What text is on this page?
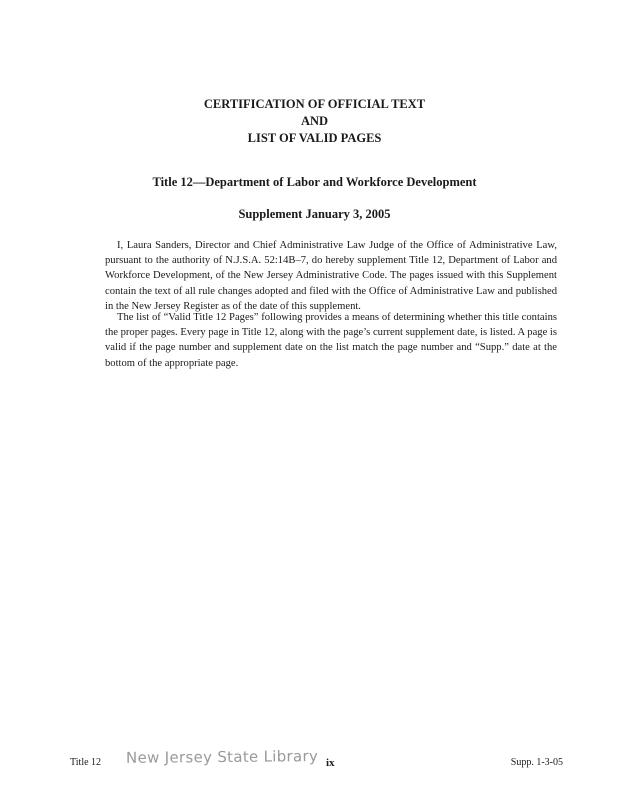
CERTIFICATION OF OFFICIAL TEXT
AND
LIST OF VALID PAGES
Title 12—Department of Labor and Workforce Development
Supplement January 3, 2005

I, Laura Sanders, Director and Chief Administrative Law Judge of the Office of Administrative Law, pursuant to the authority of N.J.S.A. 52:14B–7, do hereby supplement Title 12, Department of Labor and Workforce Development, of the New Jersey Administrative Code. The pages issued with this Supplement contain the text of all rule changes adopted and filed with the Office of Administrative Law and published in the New Jersey Register as of the date of this supplement.

The list of “Valid Title 12 Pages” following provides a means of determining whether this title contains the proper pages. Every page in Title 12, along with the page’s current supplement date, is listed. A page is valid if the page number and supplement date on the list match the page number and “Supp.” date at the bottom of the appropriate page.

Title 12 New Jersey State Library ix	Supp. 1-3-05
